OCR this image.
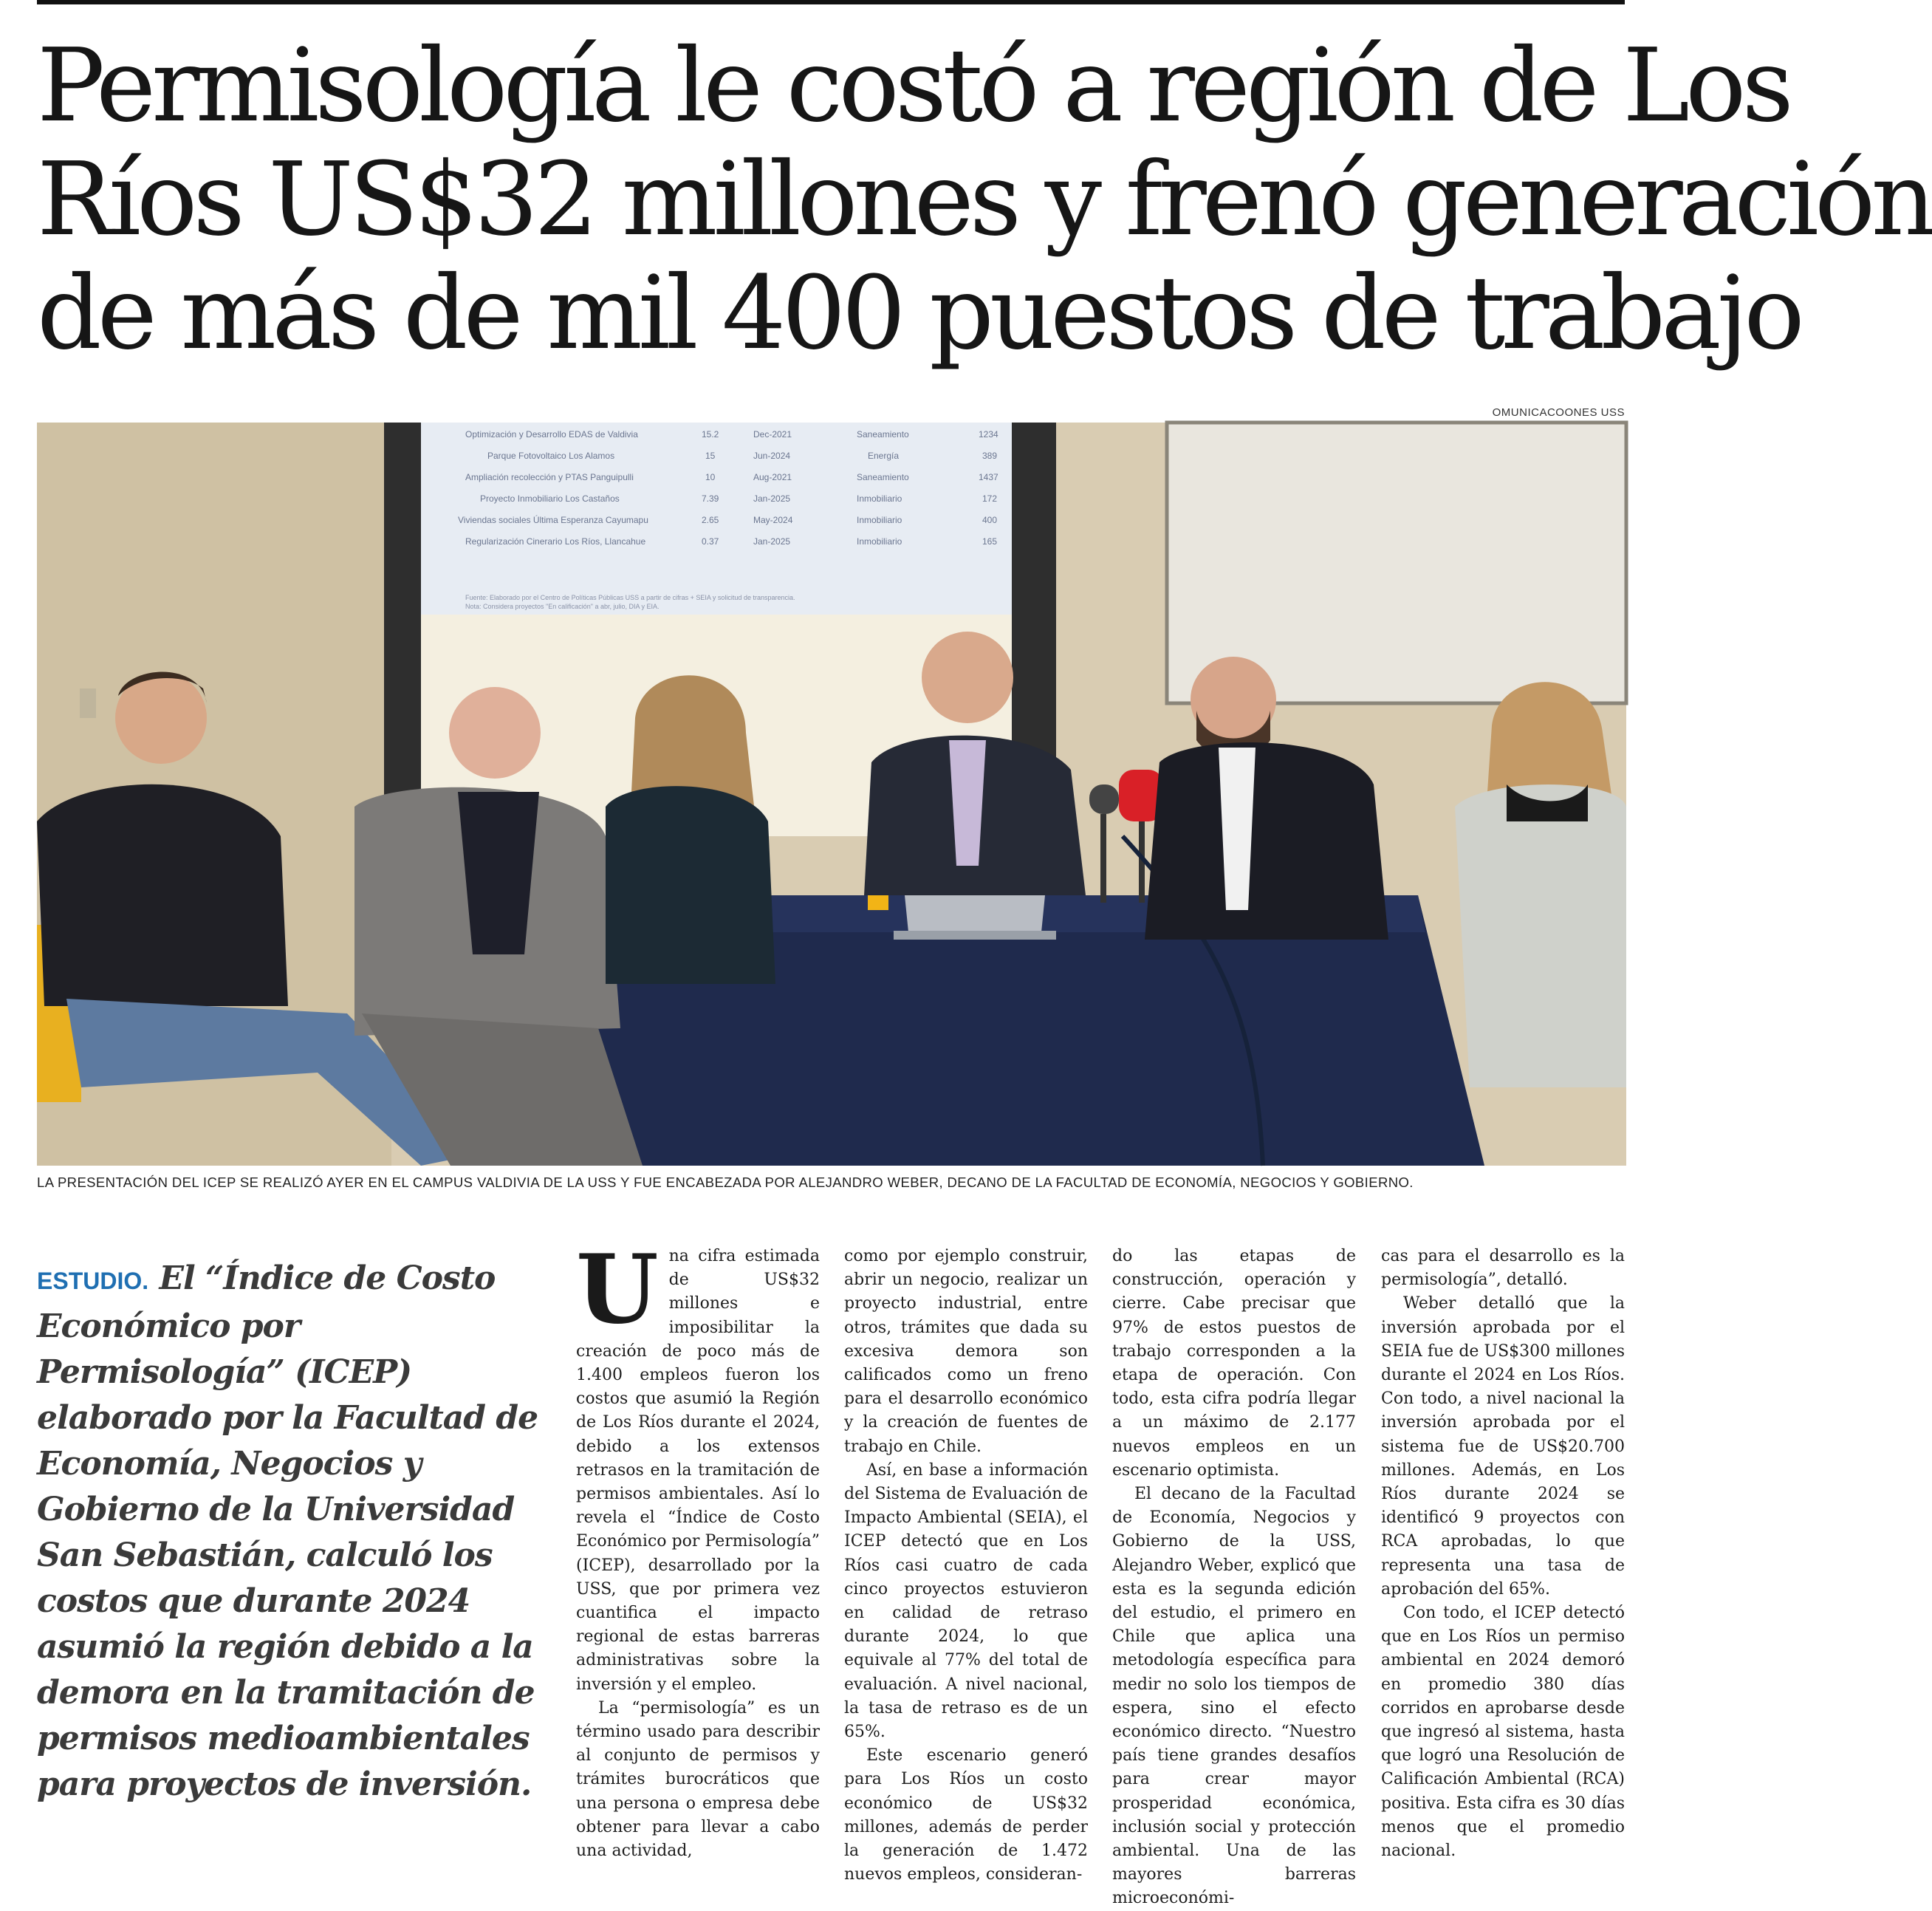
Permisología le costó a región de Los
Ríos US$32 millones y frenó generación
de más de mil 400 puestos de trabajo
OMUNICACOONES USS
Optimización y Desarrollo EDAS de Valdivia	15.2	Dec-2021	Saneamiento	1234
Parque Fotovoltaico Los Alamos	15	Jun-2024	Energía	389
Ampliación recolección y PTAS Panguipulli	10	Aug-2021	Saneamiento	1437
Proyecto Inmobiliario Los Castaños	7.39	Jan-2025	Inmobiliario	172
Viviendas sociales Última Esperanza Cayumapu	2.65	May-2024	Inmobiliario	400
Regularización Cinerario Los Ríos, Llancahue	0.37	Jan-2025	Inmobiliario	165
Fuente: Elaborado por el Centro de Políticas Públicas USS a partir de cifras + SEIA y solicitud de transparencia.
Nota: Considera proyectos "En calificación" a abr, julio, DIA y EIA.
LA PRESENTACIÓN DEL ICEP SE REALIZÓ AYER EN EL CAMPUS VALDIVIA DE LA USS Y FUE ENCABEZADA POR ALEJANDRO WEBER, DECANO DE LA FACULTAD DE ECONOMÍA, NEGOCIOS Y GOBIERNO.
ESTUDIO. El “Índice de Costo Económico por Permisología” (ICEP) elaborado por la Facultad de Economía, Negocios y Gobierno de la Universidad San Sebastián, calculó los costos que durante 2024 asumió la región debido a la demora en la tramitación de permisos medioambientales para proyectos de inversión.

Una cifra estimada de US$32 millones e imposibilitar la creación de poco más de 1.400 empleos fueron los costos que asumió la Región de Los Ríos durante el 2024, debido a los extensos retrasos en la tramitación de permisos ambientales. Así lo revela el “Índice de Costo Económico por Permisología” (ICEP), desarrollado por la USS, que por primera vez cuantifica el impacto regional de estas barreras administrativas sobre la inversión y el empleo.

La “permisología” es un término usado para describir al conjunto de permisos y trámites burocráticos que una persona o empresa debe obtener para llevar a cabo una actividad,

como por ejemplo construir, abrir un negocio, realizar un proyecto industrial, entre otros, trámites que dada su excesiva demora son calificados como un freno para el desarrollo económico y la creación de fuentes de trabajo en Chile.

Así, en base a información del Sistema de Evaluación de Impacto Ambiental (SEIA), el ICEP detectó que en Los Ríos casi cuatro de cada cinco proyectos estuvieron en calidad de retraso durante 2024, lo que equivale al 77% del total de evaluación. A nivel nacional, la tasa de retraso es de un 65%.

Este escenario generó para Los Ríos un costo económico de US$32 millones, además de perder la generación de 1.472 nuevos empleos, consideran-

do las etapas de construcción, operación y cierre. Cabe precisar que 97% de estos puestos de trabajo corresponden a la etapa de operación. Con todo, esta cifra podría llegar a un máximo de 2.177 nuevos empleos en un escenario optimista.

El decano de la Facultad de Economía, Negocios y Gobierno de la USS, Alejandro Weber, explicó que esta es la segunda edición del estudio, el primero en Chile que aplica una metodología específica para medir no solo los tiempos de espera, sino el efecto económico directo. “Nuestro país tiene grandes desafíos para crear mayor prosperidad económica, inclusión social y protección ambiental. Una de las mayores barreras microeconómi-

cas para el desarrollo es la permisología”, detalló.

Weber detalló que la inversión aprobada por el SEIA fue de US$300 millones durante el 2024 en Los Ríos. Con todo, a nivel nacional la inversión aprobada por el sistema fue de US$20.700 millones. Además, en Los Ríos durante 2024 se identificó 9 proyectos con RCA aprobadas, lo que representa una tasa de aprobación del 65%.

Con todo, el ICEP detectó que en Los Ríos un permiso ambiental en 2024 demoró en promedio 380 días corridos en aprobarse desde que ingresó al sistema, hasta que logró una Resolución de Calificación Ambiental (RCA) positiva. Esta cifra es 30 días menos que el promedio nacional.
